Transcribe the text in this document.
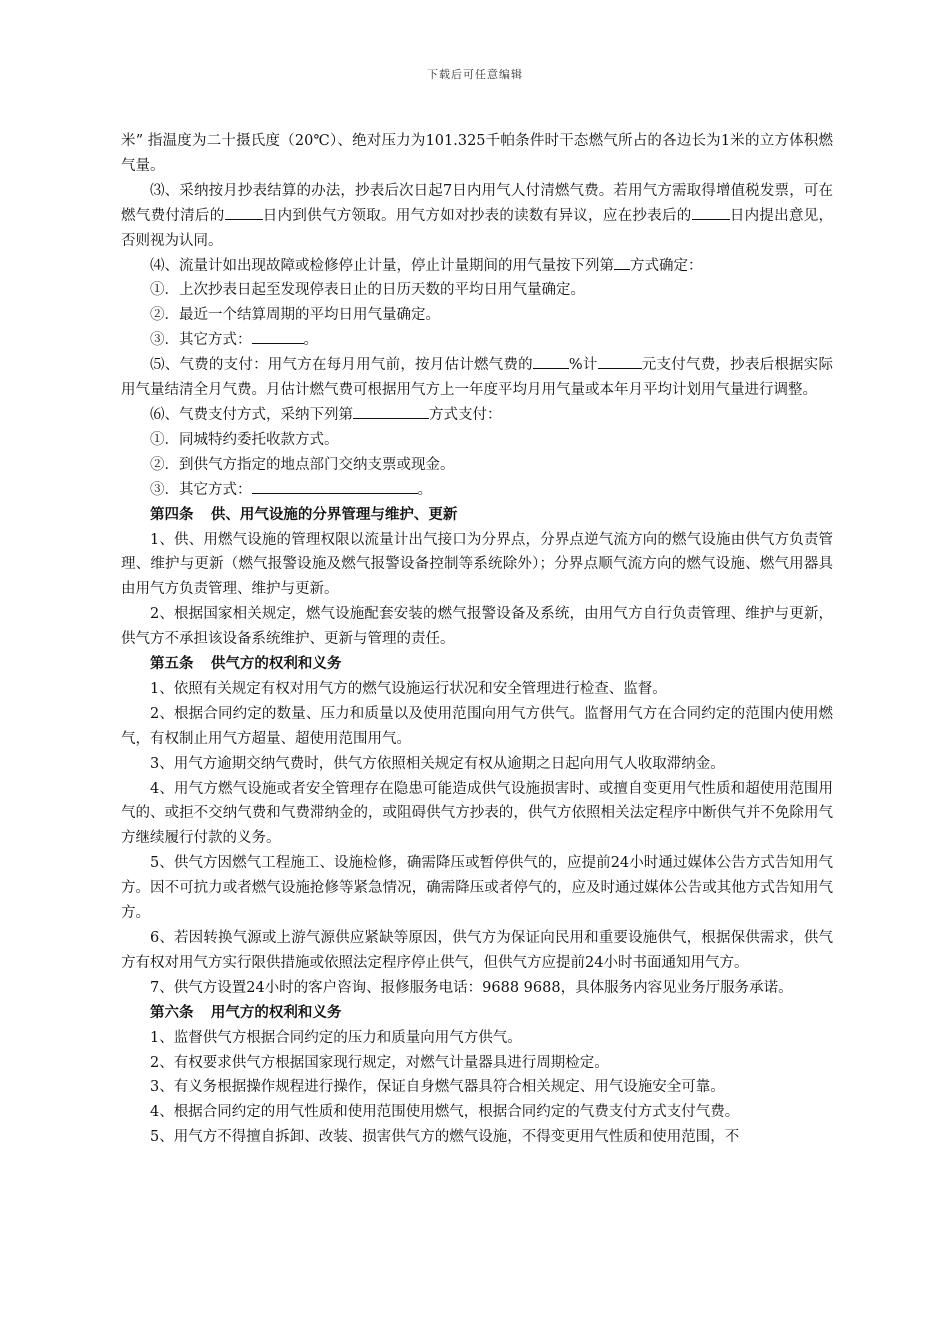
下载后可任意编辑

米” 指温度为二十摄氏度（20℃）、绝对压力为101.325千帕条件时干态燃气所占的各边长为1米的立方体积燃气量。

⑶、采纳按月抄表结算的办法，抄表后次日起7日内用气人付清燃气费。若用气方需取得增值税发票，可在燃气费付清后的	日内到供气方领取。用气方如对抄表的读数有异议，应在抄表后的	日内提出意见，否则视为认同。

⑷、流量计如出现故障或检修停止计量，停止计量期间的用气量按下列第 方式确定：

①．上次抄表日起至发现停表日止的日历天数的平均日用气量确定。

②．最近一个结算周期的平均日用气量确定。

③．其它方式：	。

⑸、气费的支付：用气方在每月用气前，按月估计燃气费的 %计	元支付气费，抄表后根据实际用气量结清全月气费。月估计燃气费可根据用气方上一年度平均月用气量或本年月平均计划用气量进行调整。

⑹、气费支付方式，采纳下列第	方式支付：

①．同城特约委托收款方式。

②．到供气方指定的地点部门交纳支票或现金。

③．其它方式：	。

第四条 供、用气设施的分界管理与维护、更新

1、供、用燃气设施的管理权限以流量计出气接口为分界点，分界点逆气流方向的燃气设施由供气方负责管理、维护与更新（燃气报警设施及燃气报警设备控制等系统除外）；分界点顺气流方向的燃气设施、燃气用器具由用气方负责管理、维护与更新。

2、根据国家相关规定，燃气设施配套安装的燃气报警设备及系统，由用气方自行负责管理、维护与更新，供气方不承担该设备系统维护、更新与管理的责任。

第五条 供气方的权利和义务

1、依照有关规定有权对用气方的燃气设施运行状况和安全管理进行检查、监督。

2、根据合同约定的数量、压力和质量以及使用范围向用气方供气。监督用气方在合同约定的范围内使用燃气，有权制止用气方超量、超使用范围用气。

3、用气方逾期交纳气费时，供气方依照相关规定有权从逾期之日起向用气人收取滞纳金。

4、用气方燃气设施或者安全管理存在隐患可能造成供气设施损害时、或擅自变更用气性质和超使用范围用气的、或拒不交纳气费和气费滞纳金的，或阻碍供气方抄表的，供气方依照相关法定程序中断供气并不免除用气方继续履行付款的义务。

5、供气方因燃气工程施工、设施检修，确需降压或暂停供气的，应提前24小时通过媒体公告方式告知用气方。因不可抗力或者燃气设施抢修等紧急情况，确需降压或者停气的，应及时通过媒体公告或其他方式告知用气方。

6、若因转换气源或上游气源供应紧缺等原因，供气方为保证向民用和重要设施供气，根据保供需求，供气方有权对用气方实行限供措施或依照法定程序停止供气，但供气方应提前24小时书面通知用气方。

7、供气方设置24小时的客户咨询、报修服务电话：9688 9688，具体服务内容见业务厅服务承诺。

第六条 用气方的权利和义务

1、监督供气方根据合同约定的压力和质量向用气方供气。

2、有权要求供气方根据国家现行规定，对燃气计量器具进行周期检定。

3、有义务根据操作规程进行操作，保证自身燃气器具符合相关规定、用气设施安全可靠。

4、根据合同约定的用气性质和使用范围使用燃气，根据合同约定的气费支付方式支付气费。

5、用气方不得擅自拆卸、改装、损害供气方的燃气设施，不得变更用气性质和使用范围，不
